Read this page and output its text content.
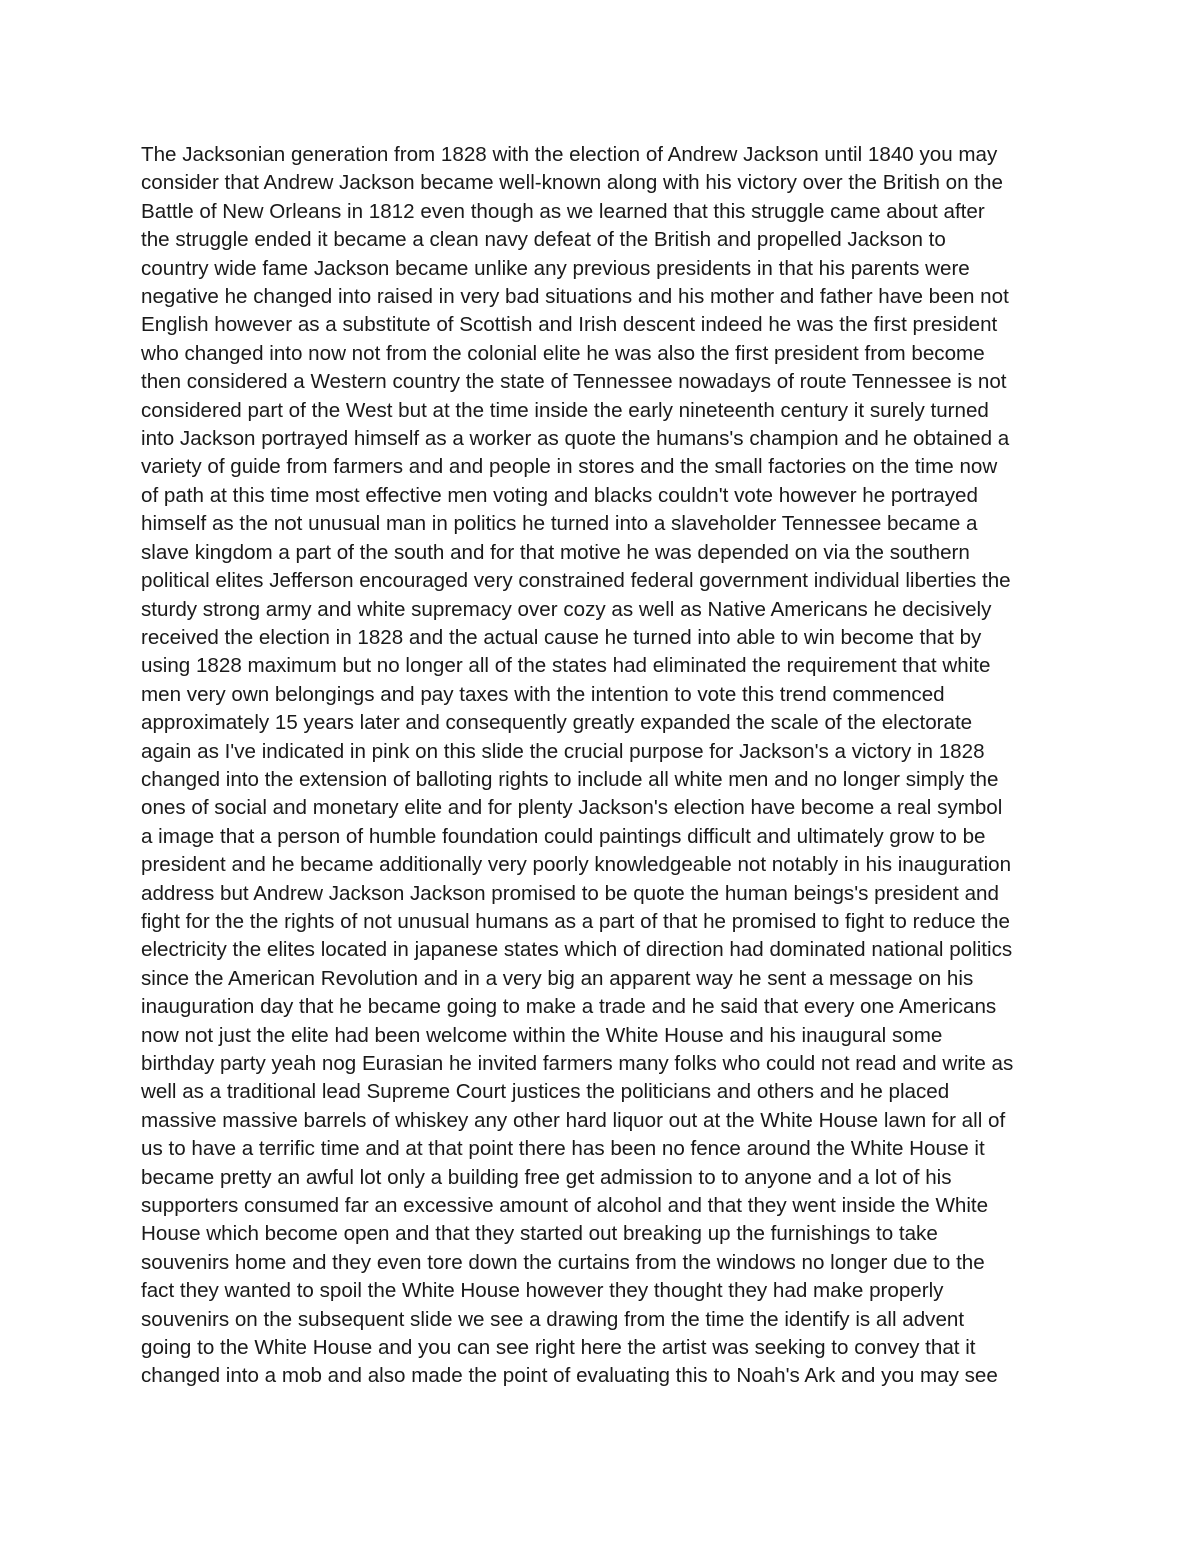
The Jacksonian generation from 1828 with the election of Andrew Jackson until 1840 you may
consider that Andrew Jackson became well-known along with his victory over the British on the
Battle of New Orleans in 1812 even though as we learned that this struggle came about after
the struggle ended it became a clean navy defeat of the British and propelled Jackson to
country wide fame Jackson became unlike any previous presidents in that his parents were
negative he changed into raised in very bad situations and his mother and father have been not
English however as a substitute of Scottish and Irish descent indeed he was the first president
who changed into now not from the colonial elite he was also the first president from become
then considered a Western country the state of Tennessee nowadays of route Tennessee is not
considered part of the West but at the time inside the early nineteenth century it surely turned
into Jackson portrayed himself as a worker as quote the humans's champion and he obtained a
variety of guide from farmers and and people in stores and the small factories on the time now
of path at this time most effective men voting and blacks couldn't vote however he portrayed
himself as the not unusual man in politics he turned into a slaveholder Tennessee became a
slave kingdom a part of the south and for that motive he was depended on via the southern
political elites Jefferson encouraged very constrained federal government individual liberties the
sturdy strong army and white supremacy over cozy as well as Native Americans he decisively
received the election in 1828 and the actual cause he turned into able to win become that by
using 1828 maximum but no longer all of the states had eliminated the requirement that white
men very own belongings and pay taxes with the intention to vote this trend commenced
approximately 15 years later and consequently greatly expanded the scale of the electorate
again as I've indicated in pink on this slide the crucial purpose for Jackson's a victory in 1828
changed into the extension of balloting rights to include all white men and no longer simply the
ones of social and monetary elite and for plenty Jackson's election have become a real symbol
a image that a person of humble foundation could paintings difficult and ultimately grow to be
president and he became additionally very poorly knowledgeable not notably in his inauguration
address but Andrew Jackson Jackson promised to be quote the human beings's president and
fight for the the rights of not unusual humans as a part of that he promised to fight to reduce the
electricity the elites located in japanese states which of direction had dominated national politics
since the American Revolution and in a very big an apparent way he sent a message on his
inauguration day that he became going to make a trade and he said that every one Americans
now not just the elite had been welcome within the White House and his inaugural some
birthday party yeah nog Eurasian he invited farmers many folks who could not read and write as
well as a traditional lead Supreme Court justices the politicians and others and he placed
massive massive barrels of whiskey any other hard liquor out at the White House lawn for all of
us to have a terrific time and at that point there has been no fence around the White House it
became pretty an awful lot only a building free get admission to to anyone and a lot of his
supporters consumed far an excessive amount of alcohol and that they went inside the White
House which become open and that they started out breaking up the furnishings to take
souvenirs home and they even tore down the curtains from the windows no longer due to the
fact they wanted to spoil the White House however they thought they had make properly
souvenirs on the subsequent slide we see a drawing from the time the identify is all advent
going to the White House and you can see right here the artist was seeking to convey that it
changed into a mob and also made the point of evaluating this to Noah's Ark and you may see
